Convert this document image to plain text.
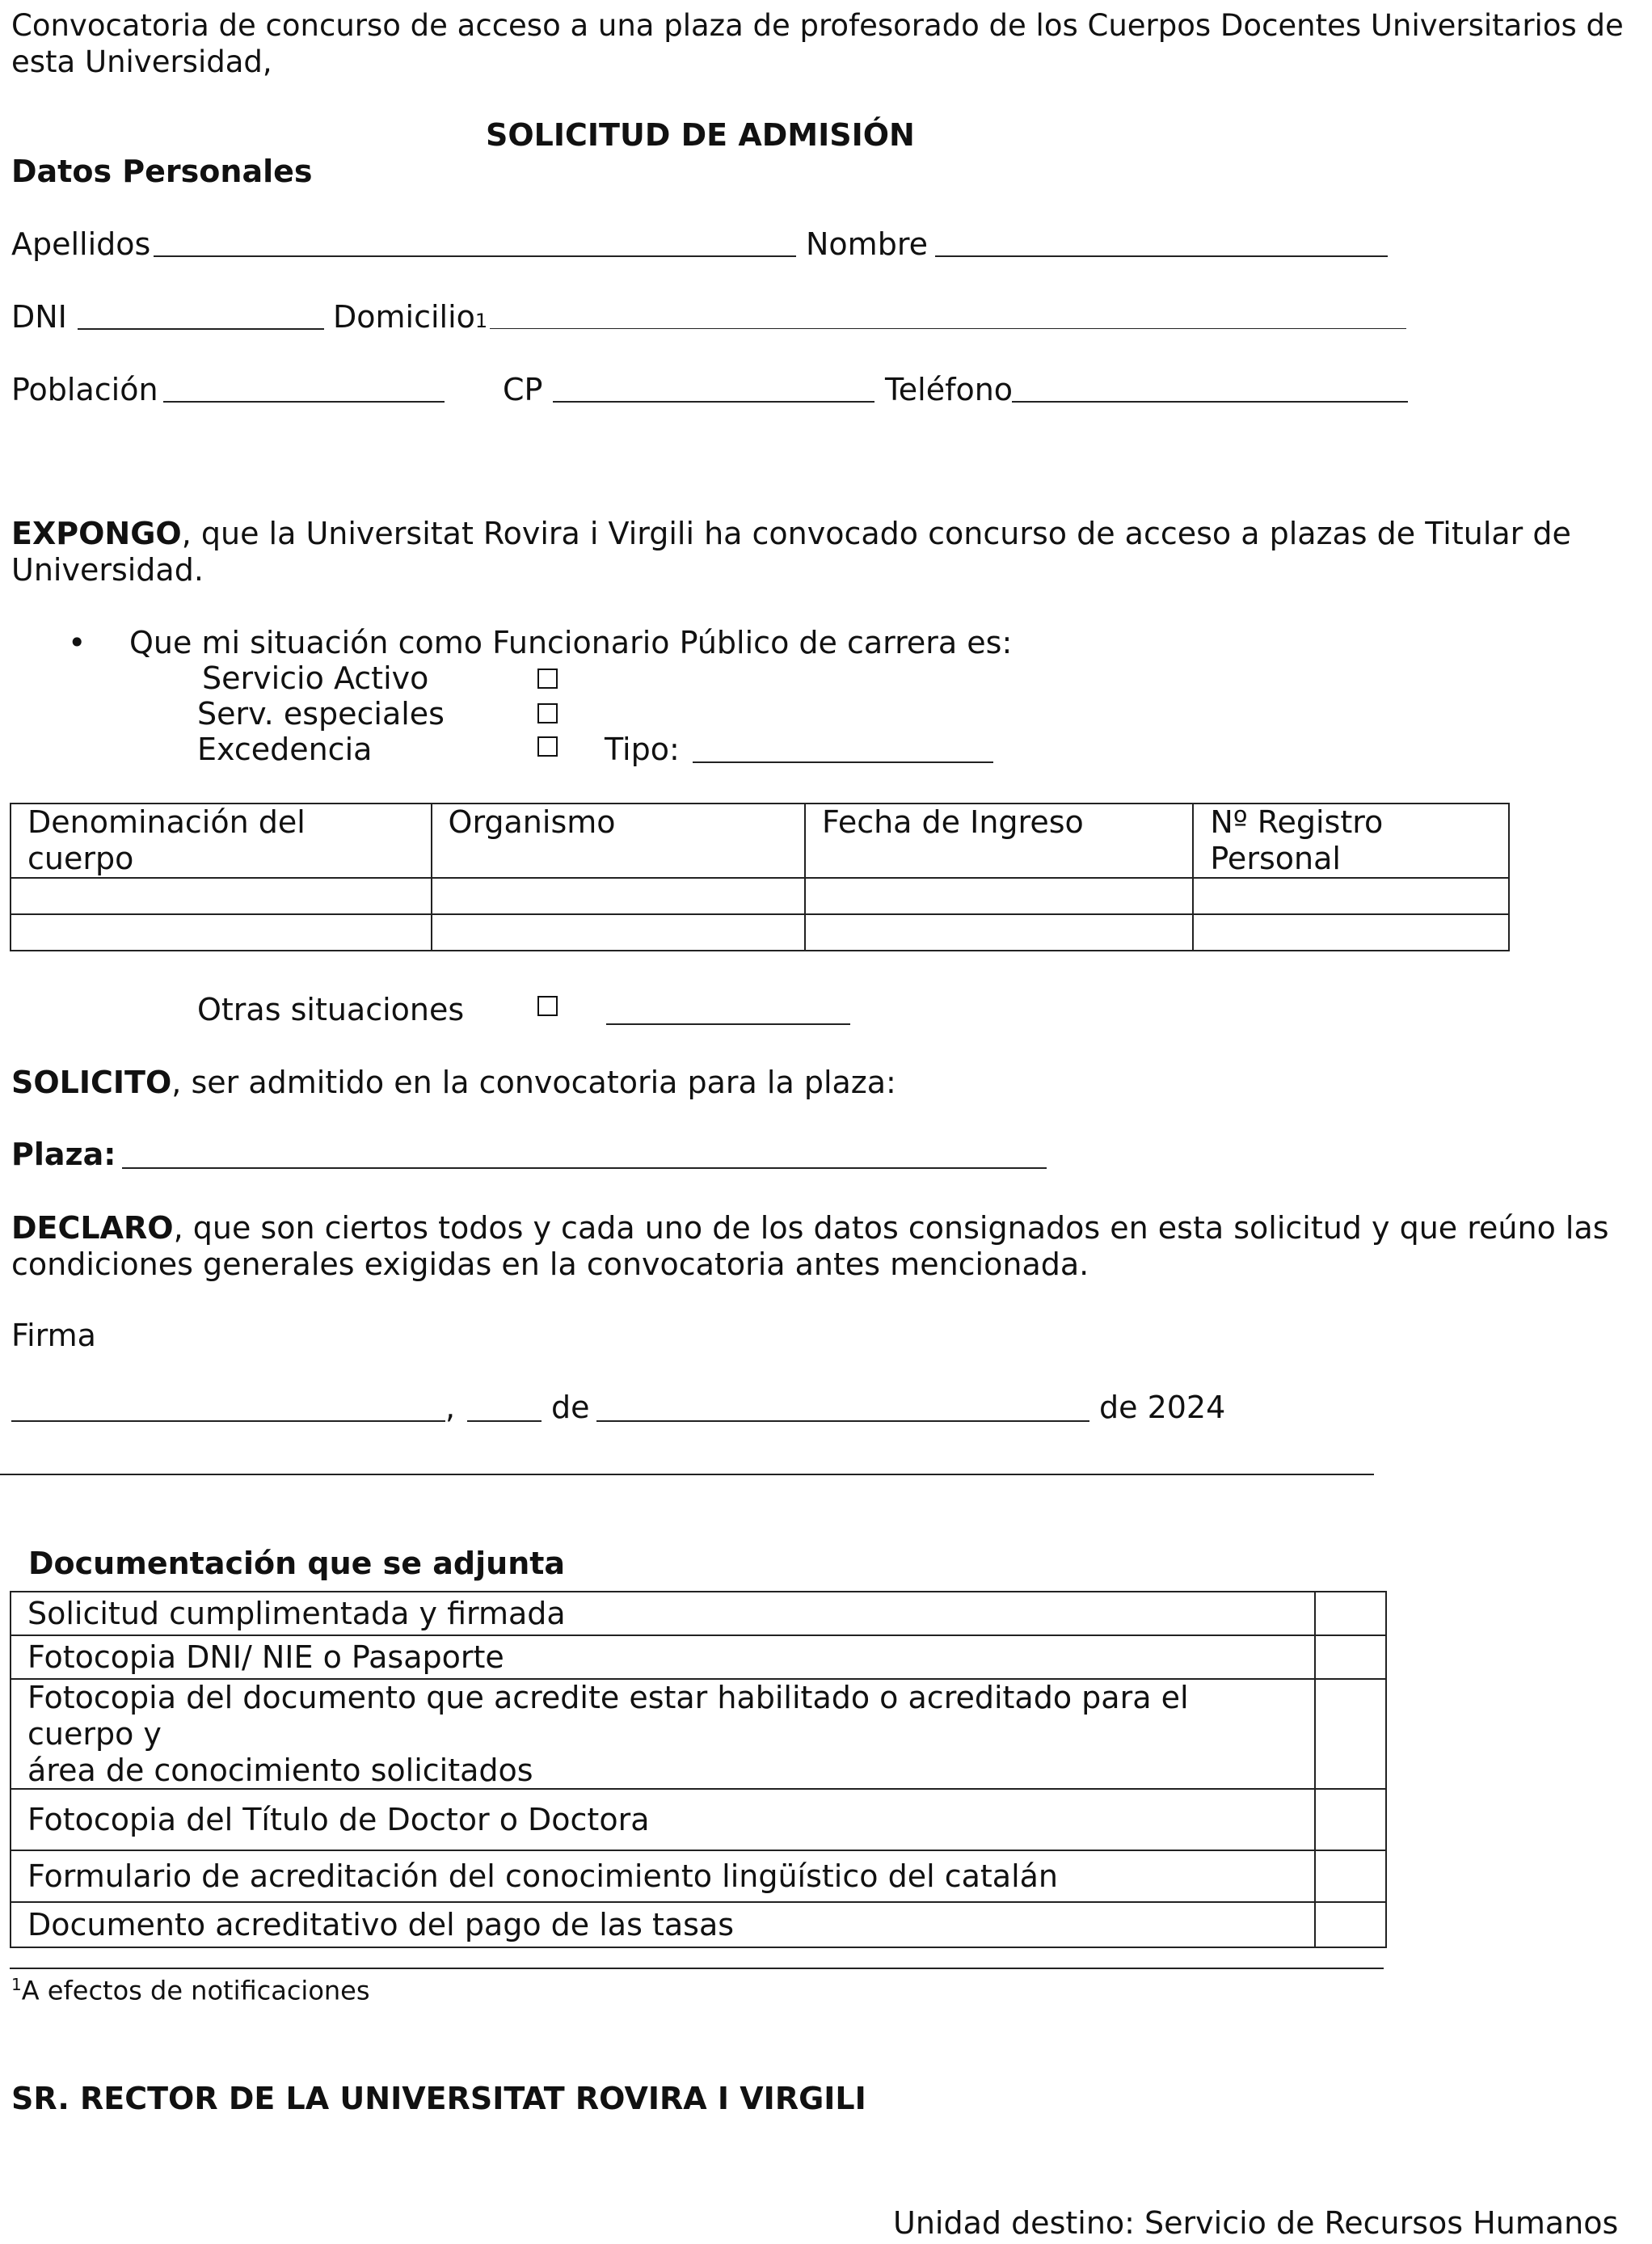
Convocatoria de concurso de acceso a una plaza de profesorado de los Cuerpos Docentes Universitarios de
esta Universidad,
SOLICITUD DE ADMISIÓN
Datos Personales
Apellidos	Nombre
DNI	Domicilio1
Población	CP	Teléfono
EXPONGO, que la Universitat Rovira i Virgili ha convocado concurso de acceso a plazas de Titular de
Universidad.
• Que mi situación como Funcionario Público de carrera es:
Servicio Activo
Serv. especiales
Excedencia	Tipo:
Denominación del cuerpo	Organismo	Fecha de Ingreso	Nº Registro Personal

Otras situaciones
SOLICITO, ser admitido en la convocatoria para la plaza:
Plaza:
DECLARO, que son ciertos todos y cada uno de los datos consignados en esta solicitud y que reúno las
condiciones generales exigidas en la convocatoria antes mencionada.
Firma
,	de	de 2024
Documentación que se adjunta
Solicitud cumplimentada y firmada	
Fotocopia DNI/ NIE o Pasaporte	

Fotocopia del documento que acredite estar habilitado o acreditado para el cuerpo y
área de conocimiento solicitados	

Fotocopia del Título de Doctor o Doctora	
Formulario de acreditación del conocimiento lingüístico del catalán	
Documento acreditativo del pago de las tasas	
$^1$A efectos de notificaciones
SR. RECTOR DE LA UNIVERSITAT ROVIRA I VIRGILI
Unidad destino: Servicio de Recursos Humanos
